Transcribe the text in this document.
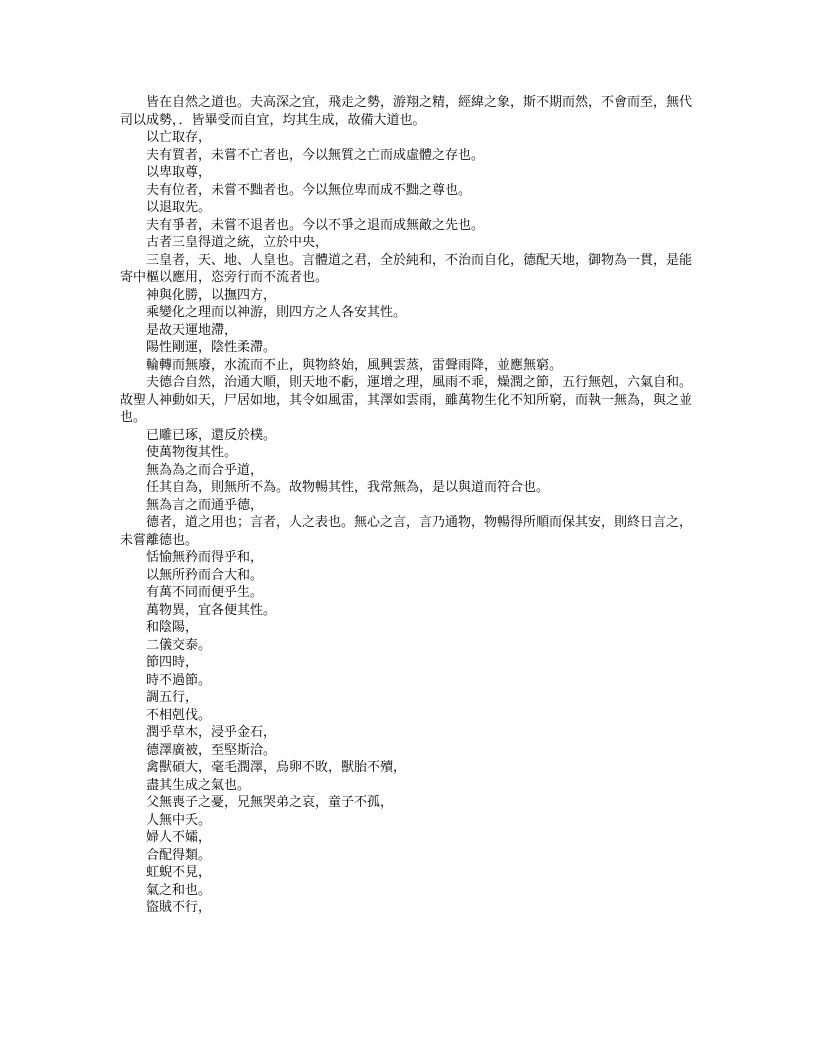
皆在自然之道也。夫高深之宜，飛走之勢，游翔之精，經緯之象，斯不期而然，不會而至，無代司以成勢，．皆畢受而自宜，均其生成，故備大道也。

以亡取存，

夫有質者，未嘗不亡者也，今以無質之亡而成虛體之存也。

以卑取尊，

夫有位者，未嘗不黜者也。今以無位卑而成不黜之尊也。

以退取先。

夫有爭者，未嘗不退者也。今以不爭之退而成無敵之先也。

古者三皇得道之統，立於中央，

三皇者，天、地、人皇也。言體道之君，全於純和，不治而自化，德配天地，御物為一貫，是能寄中樞以應用，恣旁行而不流者也。

神與化勝，以撫四方，

乘變化之理而以神游，則四方之人各安其性。

是故天運地滯，

陽性剛運，陰性柔滯。

輪轉而無廢，水流而不止，與物終始，風興雲蒸，雷聲雨降，並應無窮。

夫德合自然，治通大順，則天地不虧，運增之理，風雨不乖，燥潤之節，五行無剋，六氣自和。故聖人神動如天，尸居如地，其令如風雷，其澤如雲雨，雖萬物生化不知所窮，而執一無為，與之並也。

已雕已琢，還反於樸。

使萬物復其性。

無為為之而合乎道，

任其自為，則無所不為。故物暢其性，我常無為，是以與道而符合也。

無為言之而通乎德，

德者，道之用也；言者，人之表也。無心之言，言乃通物，物暢得所順而保其安，則終日言之，未嘗離德也。

恬愉無矜而得乎和，

以無所矜而合大和。

有萬不同而便乎生。

萬物異，宜各便其性。

和陰陽，

二儀交泰。

節四時，

時不過節。

調五行，

不相剋伐。

潤乎草木，浸乎金石，

德澤廣被，至堅斯洽。

禽獸碩大，毫毛潤澤，烏卵不敗，獸胎不殰，

盡其生成之氣也。

父無喪子之憂，兄無哭弟之哀，童子不孤，

人無中夭。

婦人不孀，

合配得類。

虹蜺不見，

氣之和也。

盜賊不行，
